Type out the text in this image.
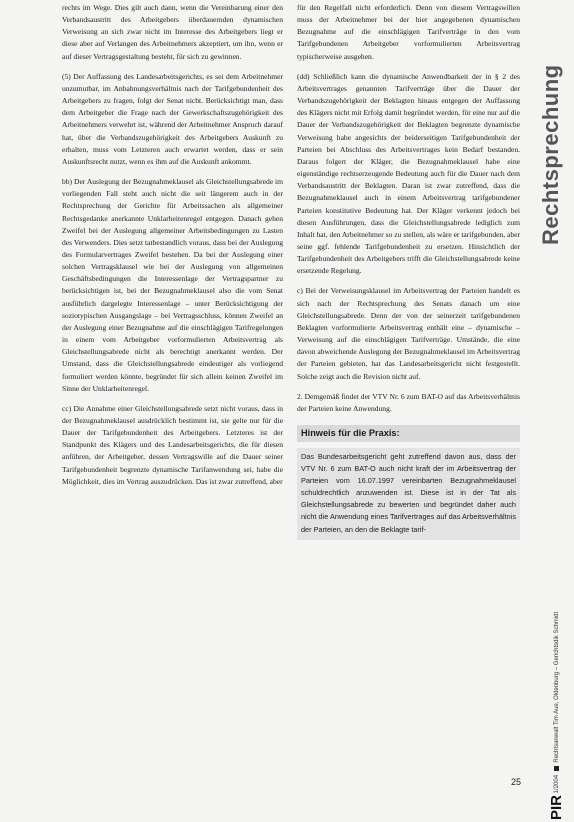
rechts im Wege. Dies gilt auch dann, wenn die Vereinbarung einer den Verbandsaustritt des Arbeitgebers überdauernden dynamischen Verweisung an sich zwar nicht im Interesse des Arbeitgebers liegt er diese aber auf Verlangen des Arbeitnehmers akzeptiert, um ihn, wenn er auf dieser Vertragsgestaltung besteht, für sich zu gewinnen.

(5) Der Auffassung des Landesarbeitsgerichts, es sei dem Arbeitnehmer unzumutbar, im Anbahnungsverhältnis nach der Tarifgebundenheit des Arbeitgebers zu fragen, folgt der Senat nicht. Berücksichtigt man, dass dem Arbeitgeber die Frage nach der Gewerkschaftszugehörigkeit des Arbeitnehmers verwehrt ist, während der Arbeitnehmer Anspruch darauf hat, über die Verbandszugehörigkeit des Arbeitgebers Auskunft zu erhalten, muss vom Letzteren auch erwartet werden, dass er sein Auskunftsrecht nutzt, wenn es ihm auf die Auskunft ankommt.

bb) Der Auslegung der Bezugnahmeklausel als Gleichstellungsabrede im vorliegenden Fall steht auch nicht die seit längerem auch in der Rechtsprechung der Gerichte für Arbeitssachen als allgemeiner Rechtsgedanke anerkannte Unklarheitenregel entgegen. Danach gehen Zweifel bei der Auslegung allgemeiner Arbeitsbedingungen zu Lasten des Verwenders. Dies setzt tatbestandlich voraus, dass bei der Auslegung des Formularvertrages Zweifel bestehen. Da bei der Auslegung einer solchen Vertragsklausel wie bei der Auslegung von allgemeinen Geschäftsbedingungen die Interessenlage der Vertragspartner zu berücksichtigen ist, bei der Bezugnahmeklausel also die vom Senat ausführlich dargelegte Interessenlage – unter Berücksichtigung der soziotypischen Ausgangslage – bei Vertragsschluss, können Zweifel an der Auslegung einer Bezugnahme auf die einschlägigen Tarifregelungen in einem vom Arbeitgeber vorformulierten Arbeitsvertrag als Gleichstellungsabrede nicht als berechtigt anerkannt werden. Der Umstand, dass die Gleichstellungsabrede eindeutiger als vorliegend formuliert werden könnte, begründet für sich allein keinen Zweifel im Sinne der Unklarheitenregel.

cc) Die Annahme einer Gleichstellungsabrede setzt nicht voraus, dass in der Bezugnahmeklausel ausdrücklich bestimmt ist, sie gelte nur für die Dauer der Tarifgebundenheit des Arbeitgebers. Letzteres ist der Standpunkt des Klägers und des Landesarbeitsgerichts, die für diesen anführen, der Arbeitgeber, dessen Vertragswille auf die Dauer seiner Tarifgebundenheit begrenzte dynamische Tarifanwendung sei, habe die Möglichkeit, dies im Vertrag auszudrücken. Das ist zwar zutreffend, aber

für den Regelfall nicht erforderlich. Denn von diesem Vertragswillen muss der Arbeitnehmer bei der hier angegebenen dynamischen Bezugnahme auf die einschlägigen Tarifverträge in den vom Tarifgebundenen Arbeitgeber vorformulierten Arbeitsvertrag typischerweise ausgehen.

(dd) Schließlich kann die dynamische Anwendbarkeit der in § 2 des Arbeitsvertrages genannten Tarifverträge über die Dauer der Verbandszugehörigkeit der Beklagten hinaus entgegen der Auffassung des Klägers nicht mit Erfolg damit begründet werden, für eine nur auf die Dauer der Verbandszugehörigkeit der Beklagten begrenzte dynamische Verweisung habe angesichts der beiderseitigen Tarifgebundenheit der Parteien bei Abschluss des Arbeitsvertrages kein Bedarf bestanden. Daraus folgert der Kläger, die Bezugnahmeklausel habe eine eigenständige rechtserzeugende Bedeutung auch für die Dauer nach dem Verbandsaustritt der Beklagten. Daran ist zwar zutreffend, dass die Bezugnahmeklausel auch in einem Arbeitsvertrag tarifgebundener Parteien konstitutive Bedeutung hat. Der Kläger verkennt jedoch bei diesen Ausführungen, dass die Gleichstellungsabrede lediglich zum Inhalt hat, den Arbeitnehmer so zu stellen, als wäre er tarifgebunden, aber seine ggf. fehlende Tarifgebundenheit zu ersetzen. Hinsichtlich der Tarifgebundenheit des Arbeitgebers trifft die Gleichstellungsabrede keine ersetzende Regelung.

c) Bei der Verweisungsklausel im Arbeitsvertrag der Parteien handelt es sich nach der Rechtsprechung des Senats danach um eine Gleichstellungsabrede. Denn der von der seinerzeit tarifgebundenen Beklagten vorformulierte Arbeitsvertrag enthält eine – dynamische – Verweisung auf die einschlägigen Tarifverträge. Umstände, die eine davon abweichende Auslegung der Bezugnahmeklausel im Arbeitsvertrag der Parteien gebieten, hat das Landesarbeitsgericht nicht festgestellt. Solche zeigt auch die Revision nicht auf.

2. Demgemäß findet der VTV Nr. 6 zum BAT-O auf das Arbeitsverhältnis der Parteien keine Anwendung.

Hinweis für die Praxis:
Das Bundesarbeitsgericht geht zutreffend davon aus, dass der VTV Nr. 6 zum BAT-O auch nicht kraft der im Arbeitsvertrag der Parteien vom 16.07.1997 vereinbarten Bezugnahmeklausel schuldrechtlich anzuwenden ist. Diese ist in der Tat als Gleichstellungsabrede zu bewerten und begründet daher auch nicht die Anwendung eines Tarifvertrages auf das Arbeitsverhältnis der Parteien, an den die Beklagte tarif-
Rechtsprechung
PIR 1/2004  Rechtsanwalt Tim Aue, Oldenburg – Gerichtsdik Schmidt
25
